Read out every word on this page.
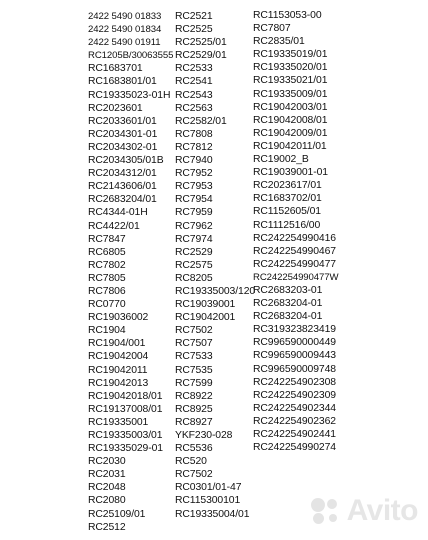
2422 5490 01833
2422 5490 01834
2422 5490 01911
RC1205B/30063555
RC1683701
RC1683801/01
RC19335023-01H
RC2023601
RC2033601/01
RC2034301-01
RC2034302-01
RC2034305/01B
RC2034312/01
RC2143606/01
RC2683204/01
RC4344-01H
RC4422/01
RC7847
RC6805
RC7802
RC7805
RC7806
RC0770
RC19036002
RC1904
RC1904/001
RC19042004
RC19042011
RC19042013
RC19042018/01
RC19137008/01
RC19335001
RC19335003/01
RC19335029-01
RC2030
RC2031
RC2048
RC2080
RC25109/01
RC2512
RC2521
RC2525
RC2525/01
RC2529/01
RC2533
RC2541
RC2543
RC2563
RC2582/01
RC7808
RC7812
RC7940
RC7952
RC7953
RC7954
RC7959
RC7962
RC7974
RC2529
RC2575
RC8205
RC19335003/120
RC19039001
RC19042001
RC7502
RC7507
RC7533
RC7535
RC7599
RC8922
RC8925
RC8927
YKF230-028
RC5536
RC520
RC7502
RC0301/01-47
RC115300101
RC19335004/01
RC1153053-00
RC7807
RC2835/01
RC19335019/01
RC19335020/01
RC19335021/01
RC19335009/01
RC19042003/01
RC19042008/01
RC19042009/01
RC19042011/01
RC19002_B
RC19039001-01
RC2023617/01
RC1683702/01
RC1152605/01
RC1112516/00
RC242254990416
RC242254990467
RC242254990477
RC242254990477W
RC2683203-01
RC2683204-01
RC2683204-01
RC319323823419
RC996590000449
RC996590009443
RC996590009748
RC242254902308
RC242254902309
RC242254902344
RC242254902362
RC242254902441
RC242254990274
Avito
